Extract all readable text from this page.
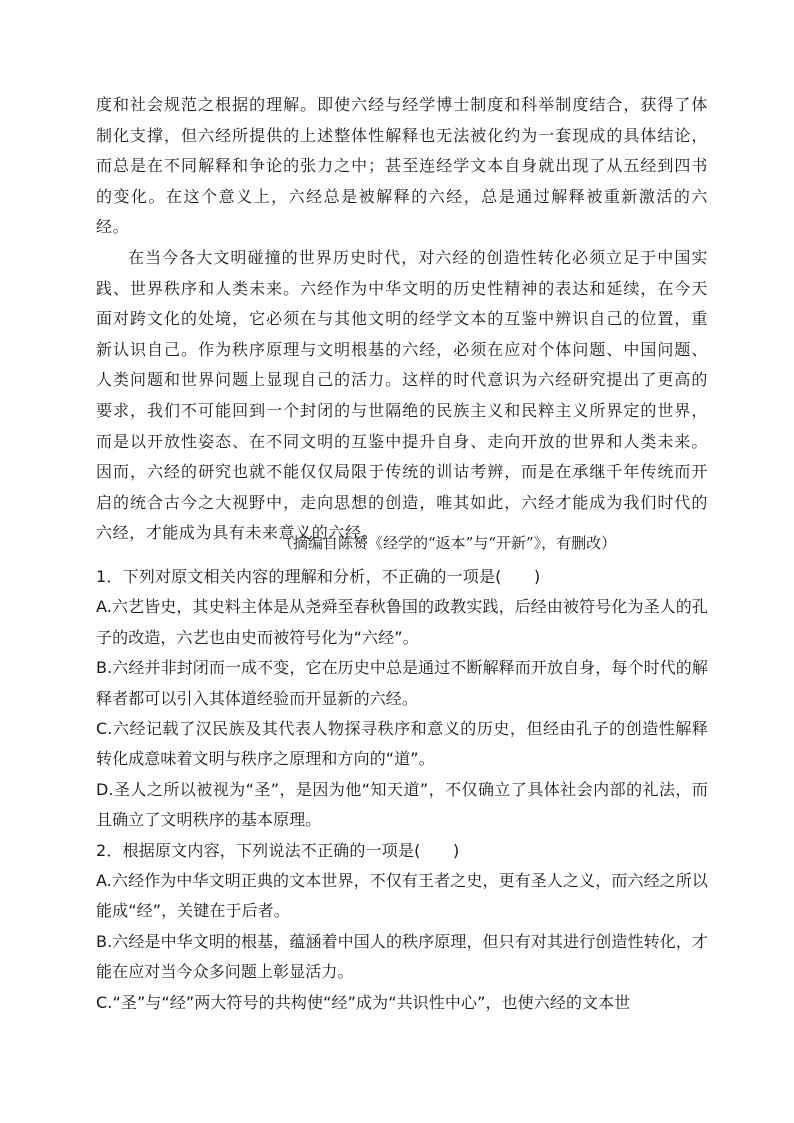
度和社会规范之根据的理解。即使六经与经学博士制度和科举制度结合，获得了体制化支撑，但六经所提供的上述整体性解释也无法被化约为一套现成的具体结论，而总是在不同解释和争论的张力之中；甚至连经学文本自身就出现了从五经到四书的变化。在这个意义上，六经总是被解释的六经，总是通过解释被重新激活的六经。

在当今各大文明碰撞的世界历史时代，对六经的创造性转化必须立足于中国实践、世界秩序和人类未来。六经作为中华文明的历史性精神的表达和延续，在今天面对跨文化的处境，它必须在与其他文明的经学文本的互鉴中辨识自己的位置，重新认识自己。作为秩序原理与文明根基的六经，必须在应对个体问题、中国问题、人类问题和世界问题上显现自己的活力。这样的时代意识为六经研究提出了更高的要求，我们不可能回到一个封闭的与世隔绝的民族主义和民粹主义所界定的世界，而是以开放性姿态、在不同文明的互鉴中提升自身、走向开放的世界和人类未来。因而，六经的研究也就不能仅仅局限于传统的训诂考辨，而是在承继千年传统而开启的统合古今之大视野中，走向思想的创造，唯其如此，六经才能成为我们时代的六经，才能成为具有未来意义的六经。

（摘编自陈赟《经学的“返本”与“开新”》，有删改）

1．下列对原文相关内容的理解和分析，不正确的一项是(　　)

A.六艺皆史，其史料主体是从尧舜至春秋鲁国的政教实践，后经由被符号化为圣人的孔子的改造，六艺也由史而被符号化为“六经”。

B.六经并非封闭而一成不变，它在历史中总是通过不断解释而开放自身，每个时代的解释者都可以引入其体道经验而开显新的六经。

C.六经记载了汉民族及其代表人物探寻秩序和意义的历史，但经由孔子的创造性解释转化成意味着文明与秩序之原理和方向的“道”。

D.圣人之所以被视为“圣”，是因为他“知天道”，不仅确立了具体社会内部的礼法，而且确立了文明秩序的基本原理。

2．根据原文内容，下列说法不正确的一项是(　　)

A.六经作为中华文明正典的文本世界，不仅有王者之史，更有圣人之义，而六经之所以能成“经”，关键在于后者。

B.六经是中华文明的根基，蕴涵着中国人的秩序原理，但只有对其进行创造性转化，才能在应对当今众多问题上彰显活力。

C.“圣”与“经”两大符号的共构使“经”成为“共识性中心”，也使六经的文本世
